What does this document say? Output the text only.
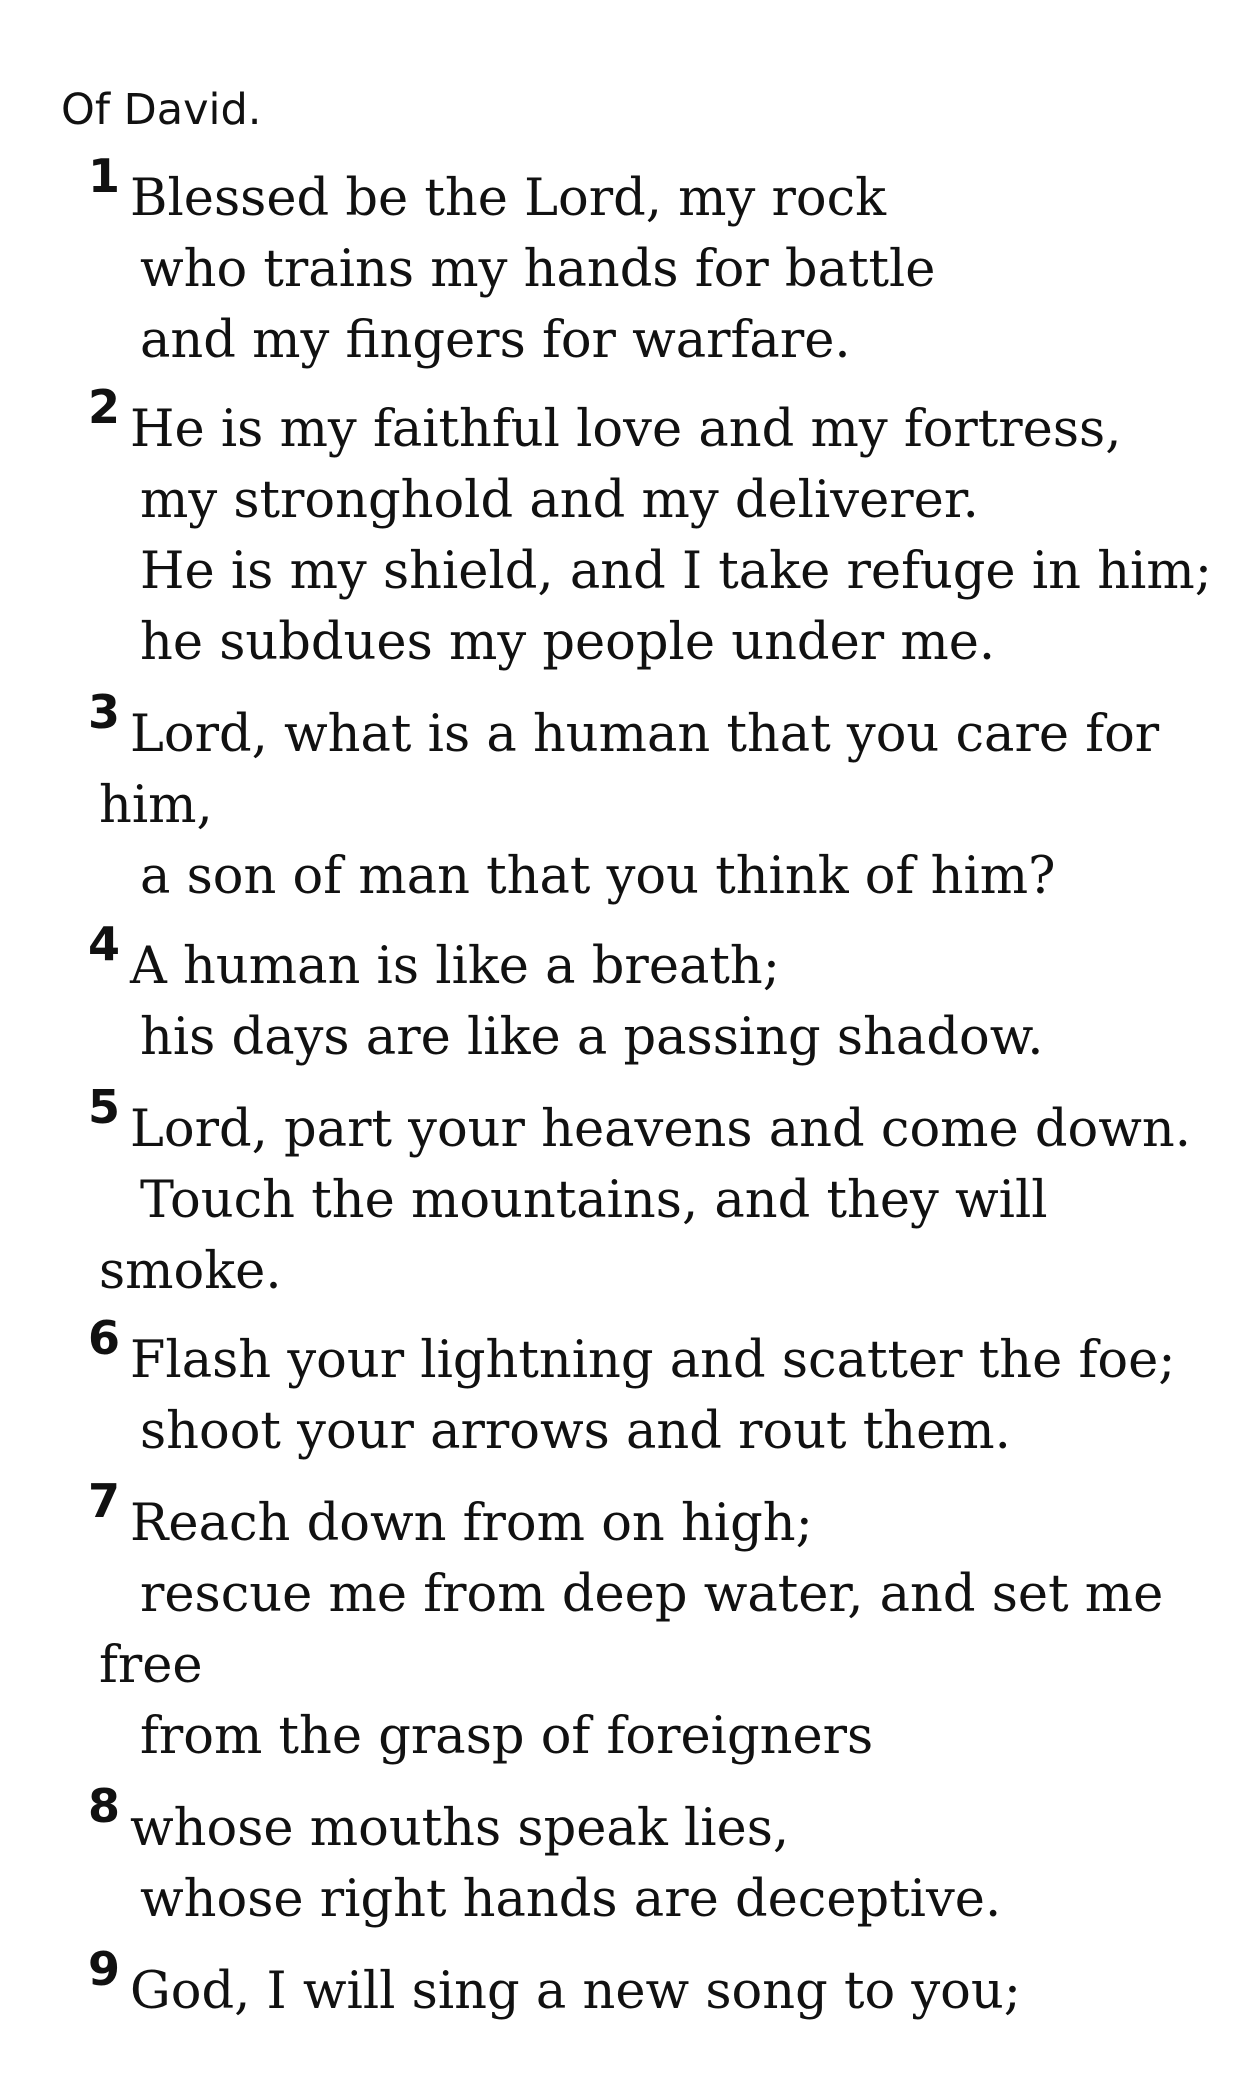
Of David.
1 Blessed be the Lord, my rock
who trains my hands for battle
and my fingers for warfare.
2 He is my faithful love and my fortress,
my stronghold and my deliverer.
He is my shield, and I take refuge in him;
he subdues my people under me.
3 Lord, what is a human that you care for
him,
a son of man that you think of him?
4 A human is like a breath;
his days are like a passing shadow.
5 Lord, part your heavens and come down.
Touch the mountains, and they will
smoke.
6 Flash your lightning and scatter the foe;
shoot your arrows and rout them.
7 Reach down from on high;
rescue me from deep water, and set me
free
from the grasp of foreigners
8 whose mouths speak lies,
whose right hands are deceptive.
9 God, I will sing a new song to you;
